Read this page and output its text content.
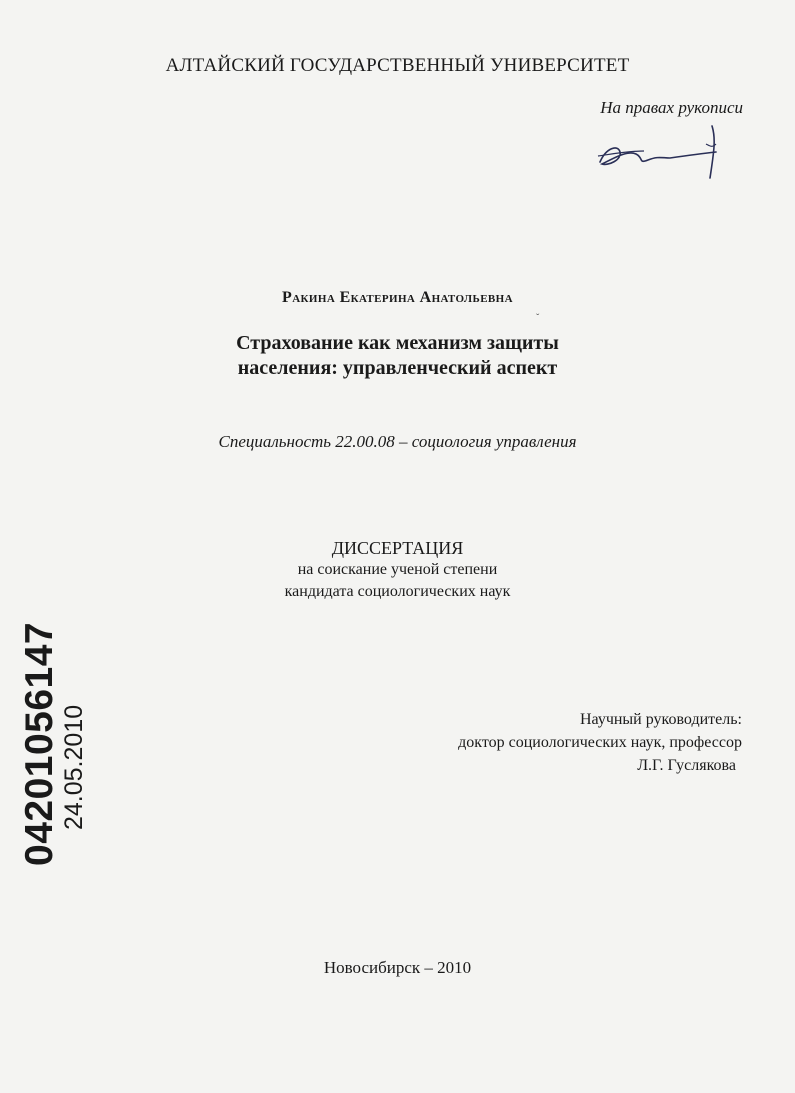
АЛТАЙСКИЙ ГОСУДАРСТВЕННЫЙ УНИВЕРСИТЕТ
На правах рукописи
Ракина Екатерина Анатольевна
ˇ
Страхование как механизм защиты
населения: управленческий аспект
Специальность 22.00.08 – социология управления
ДИССЕРТАЦИЯ
на соискание ученой степени
кандидата социологических наук
Научный руководитель:
доктор социологических наук, профессор
Л.Г. Гуслякова
04201056147 24.05.2010
Новосибирск – 2010
